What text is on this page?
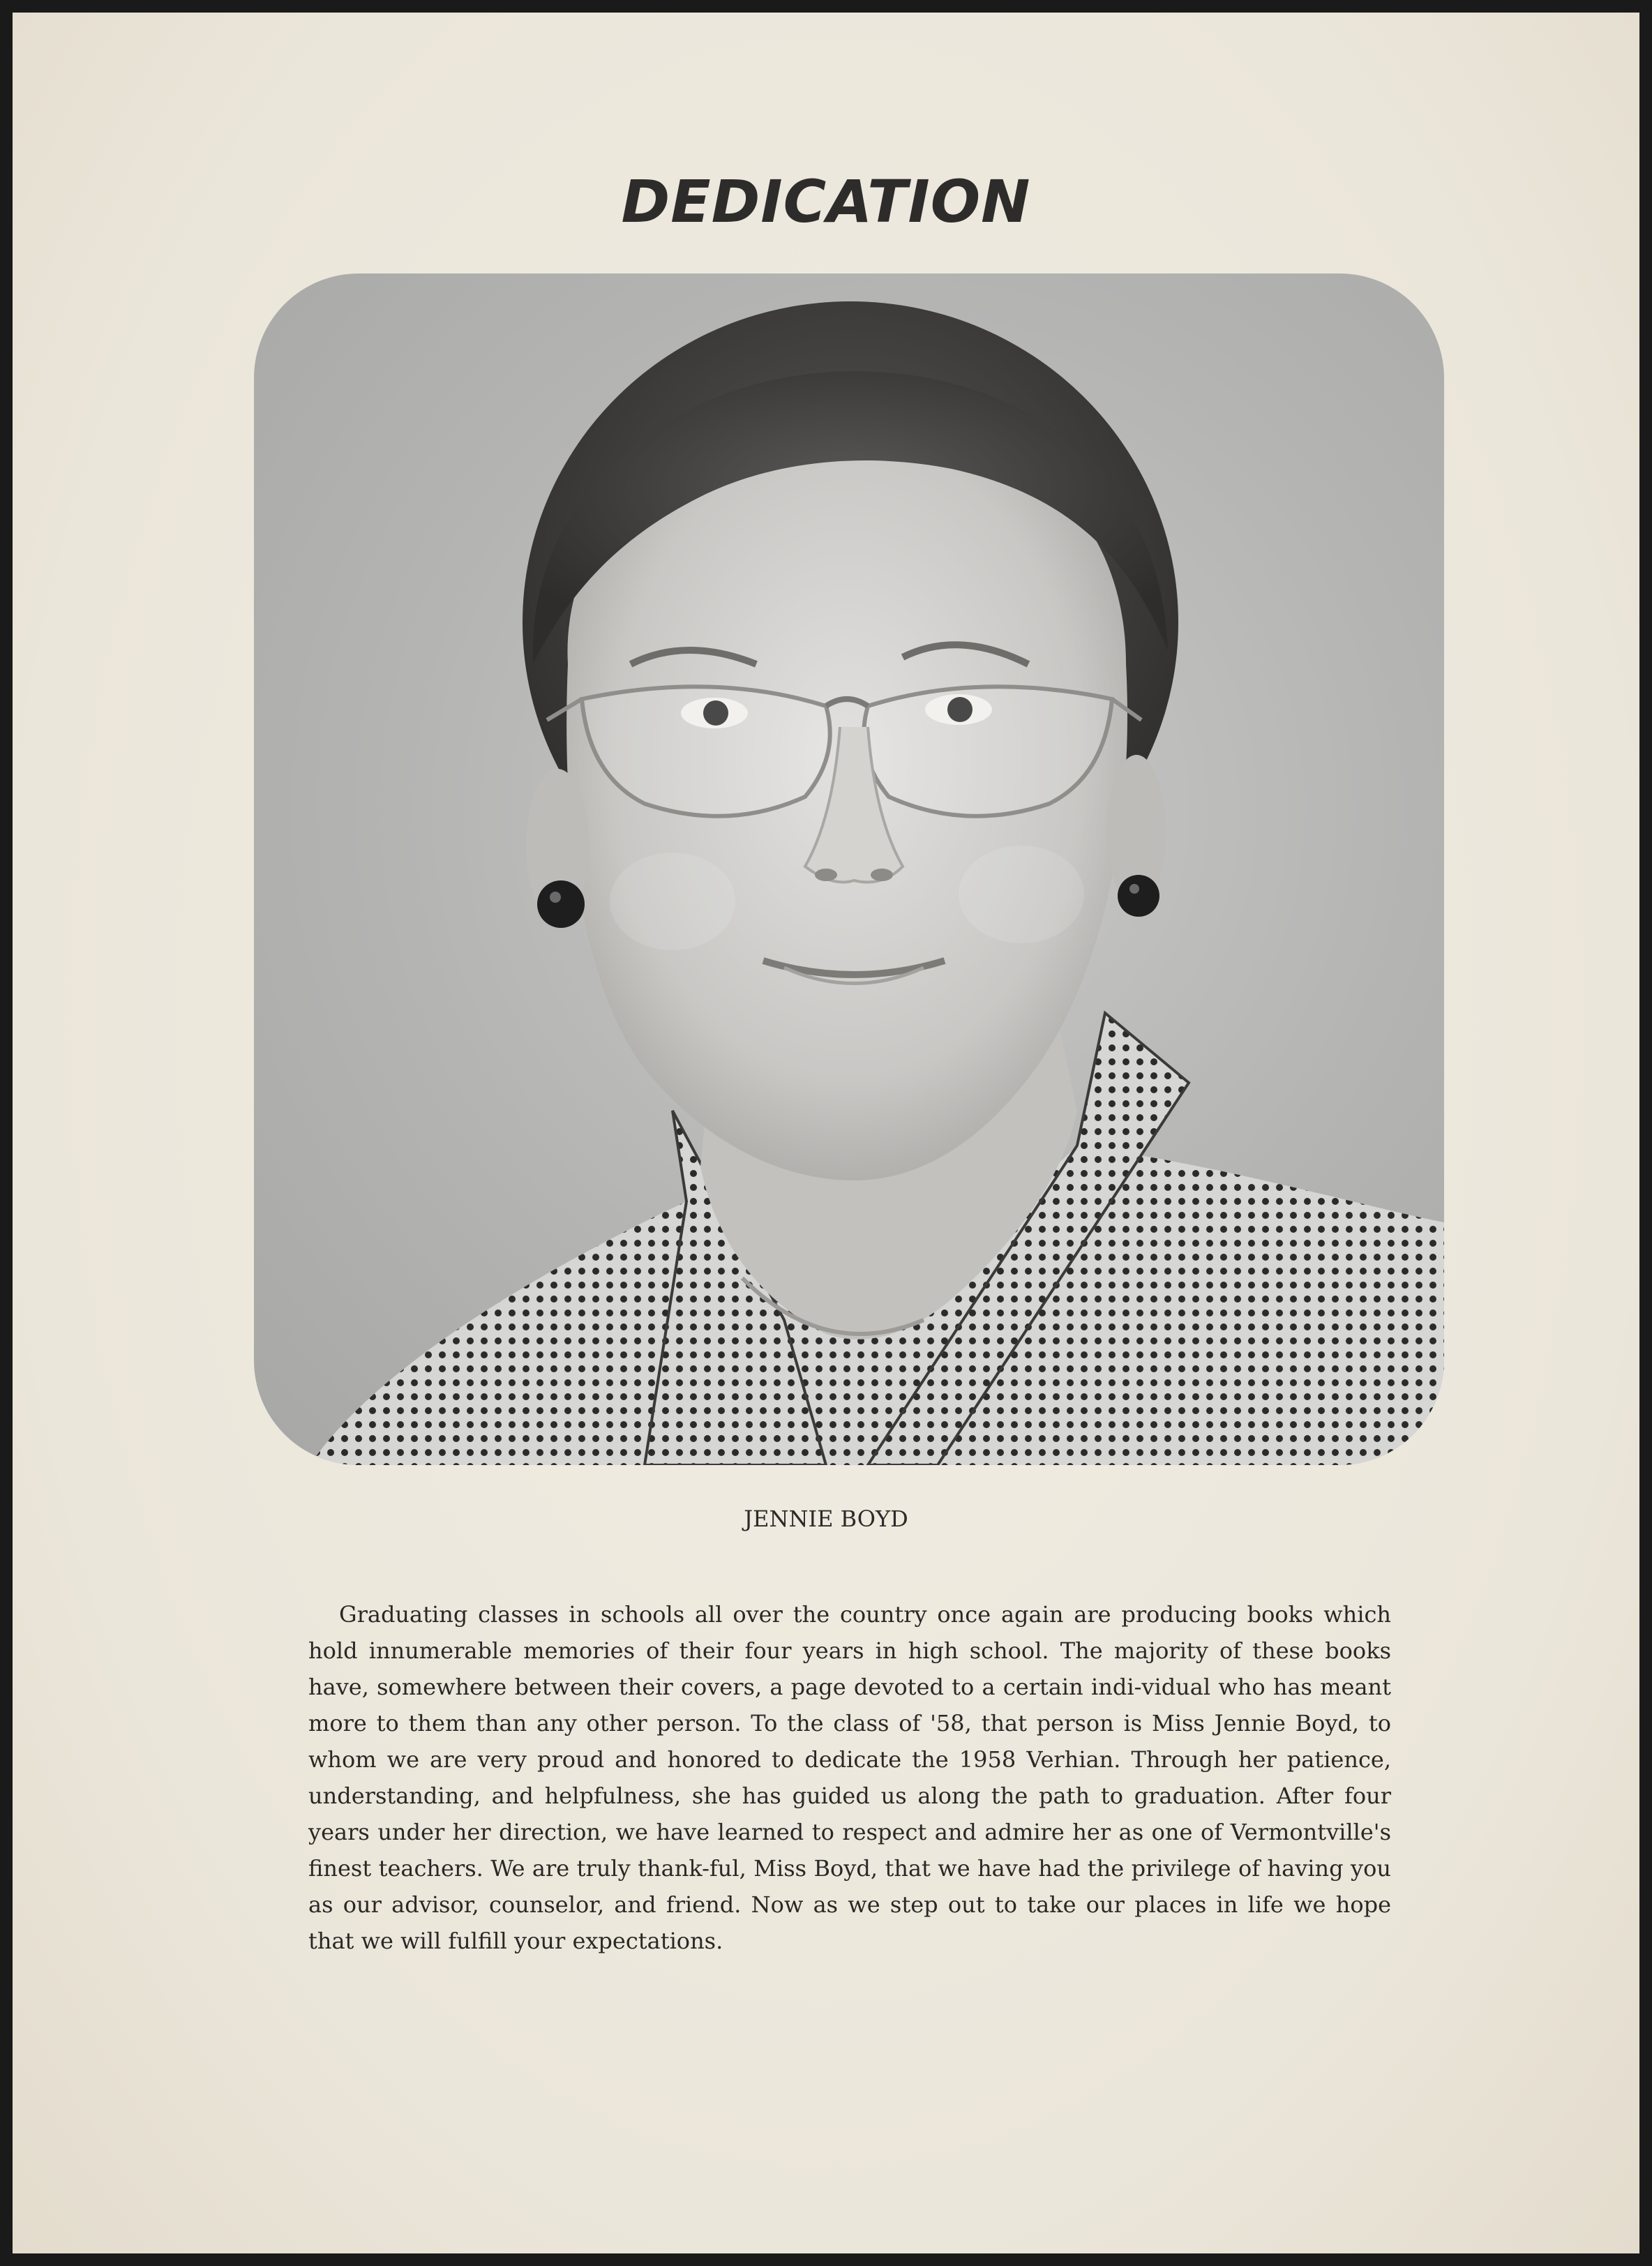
DEDICATION
JENNIE BOYD

Graduating classes in schools all over the country once again are producing books which hold innumerable memories of their four years in high school. The majority of these books have, somewhere between their covers, a page devoted to a certain indi-vidual who has meant more to them than any other person. To the class of '58, that person is Miss Jennie Boyd, to whom we are very proud and honored to dedicate the 1958 Verhian. Through her patience, understanding, and helpfulness, she has guided us along the path to graduation. After four years under her direction, we have learned to respect and admire her as one of Vermontville's finest teachers. We are truly thank-ful, Miss Boyd, that we have had the privilege of having you as our advisor, counselor, and friend. Now as we step out to take our places in life we hope that we will fulfill your expectations.
